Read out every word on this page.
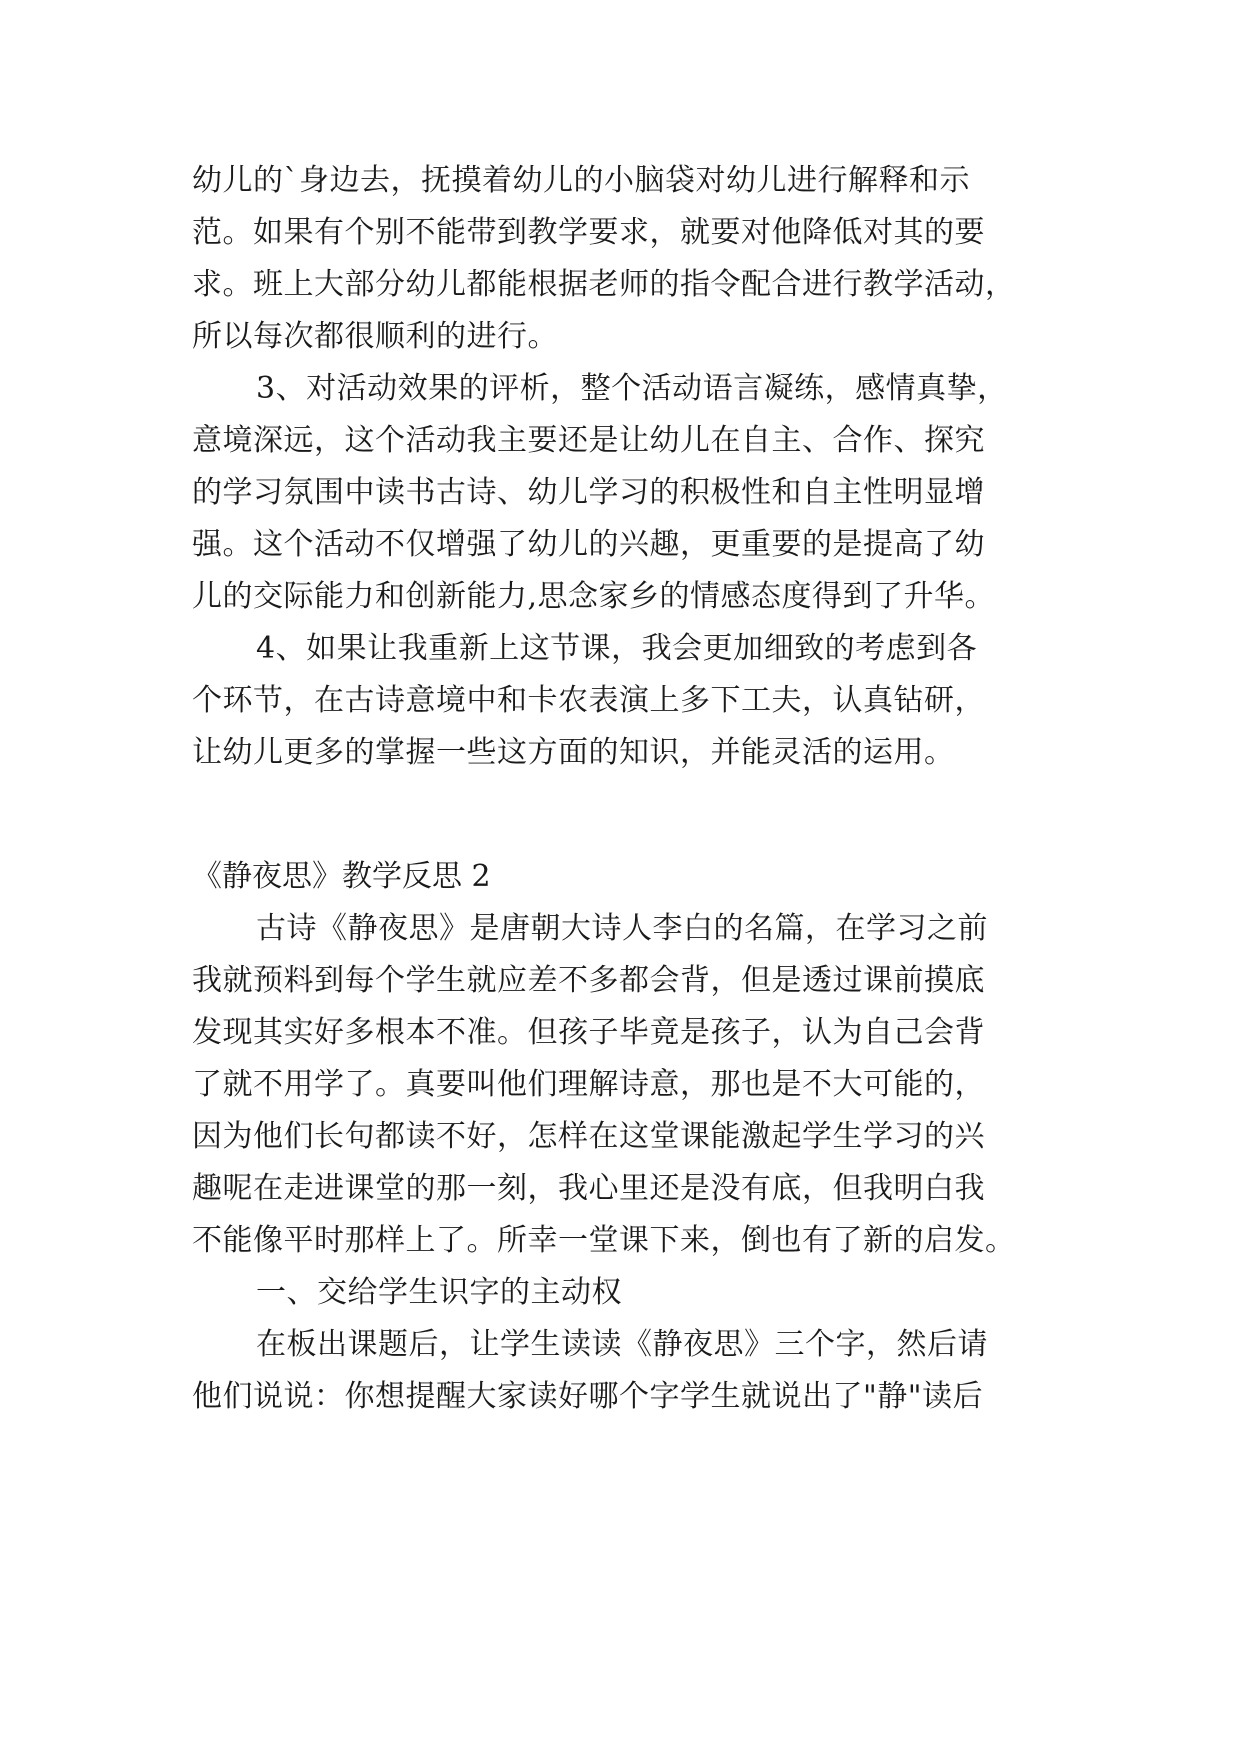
幼儿的`身边去，抚摸着幼儿的小脑袋对幼儿进行解释和示
范。如果有个别不能带到教学要求，就要对他降低对其的要
求。班上大部分幼儿都能根据老师的指令配合进行教学活动，
所以每次都很顺利的进行。
3、对活动效果的评析，整个活动语言凝练，感情真挚，
意境深远，这个活动我主要还是让幼儿在自主、合作、探究
的学习氛围中读书古诗、幼儿学习的积极性和自主性明显增
强。这个活动不仅增强了幼儿的兴趣，更重要的是提高了幼
儿的交际能力和创新能力,思念家乡的情感态度得到了升华。
4、如果让我重新上这节课，我会更加细致的考虑到各
个环节，在古诗意境中和卡农表演上多下工夫，认真钻研，
让幼儿更多的掌握一些这方面的知识，并能灵活的运用。
《静夜思》教学反思 2
古诗《静夜思》是唐朝大诗人李白的名篇，在学习之前
我就预料到每个学生就应差不多都会背，但是透过课前摸底
发现其实好多根本不准。但孩子毕竟是孩子，认为自己会背
了就不用学了。真要叫他们理解诗意，那也是不大可能的，
因为他们长句都读不好，怎样在这堂课能激起学生学习的兴
趣呢在走进课堂的那一刻，我心里还是没有底，但我明白我
不能像平时那样上了。所幸一堂课下来，倒也有了新的启发。
一、交给学生识字的主动权
在板出课题后，让学生读读《静夜思》三个字，然后请
他们说说：你想提醒大家读好哪个字学生就说出了"静"读后
